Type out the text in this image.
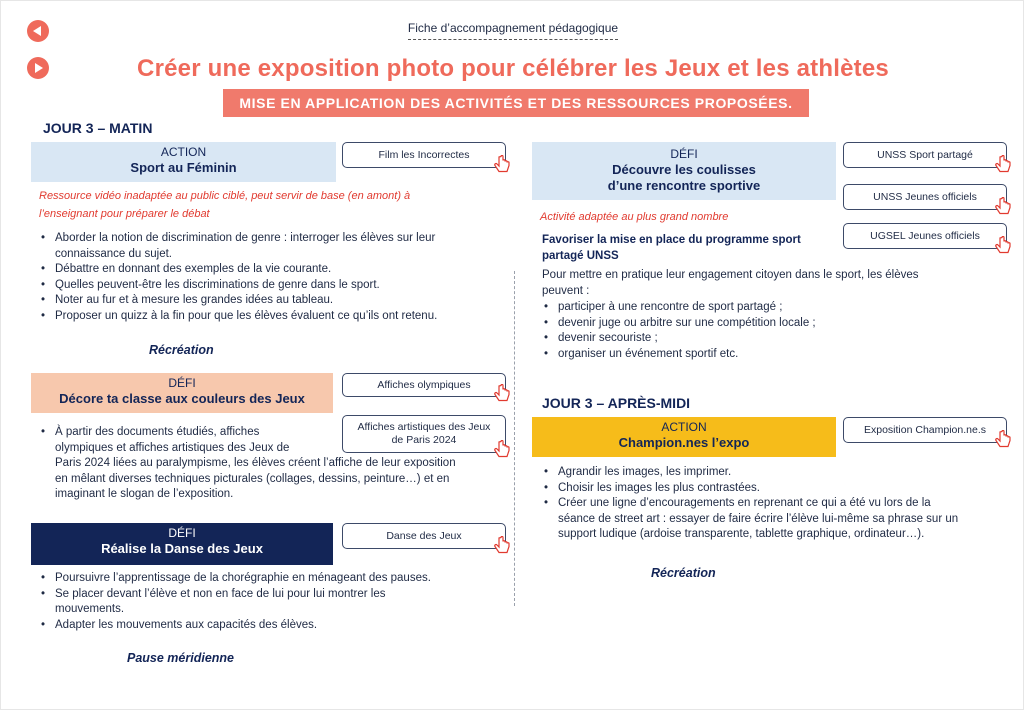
Fiche d’accompagnement pédagogique
Créer une exposition photo pour célébrer les Jeux et les athlètes
MISE EN APPLICATION DES ACTIVITÉS ET DES RESSOURCES PROPOSÉES.
JOUR 3 – MATIN
ACTION
Sport au Féminin
Film les Incorrectes
Ressource vidéo inadaptée au public ciblé, peut servir de base (en amont) à
l’enseignant pour préparer le débat
• Aborder la notion de discrimination de genre : interroger les élèves sur leur
connaissance du sujet.
• Débattre en donnant des exemples de la vie courante.
• Quelles peuvent-être les discriminations de genre dans le sport.
• Noter au fur et à mesure les grandes idées au tableau.
• Proposer un quizz à la fin pour que les élèves évaluent ce qu’ils ont retenu.
Récréation
DÉFI
Décore ta classe aux couleurs des Jeux
Affiches olympiques
Affiches artistiques des Jeux
de Paris 2024
• À partir des documents étudiés, affiches
olympiques et affiches artistiques des Jeux de
Paris 2024 liées au paralympisme, les élèves créent l’affiche de leur exposition
en mêlant diverses techniques picturales (collages, dessins, peinture…) et en
imaginant le slogan de l’exposition.
DÉFI
Réalise la Danse des Jeux
Danse des Jeux
• Poursuivre l’apprentissage de la chorégraphie en ménageant des pauses.
• Se placer devant l’élève et non en face de lui pour lui montrer les
mouvements.
• Adapter les mouvements aux capacités des élèves.
Pause méridienne
DÉFI
Découvre les coulisses
d’une rencontre sportive
UNSS Sport partagé
UNSS Jeunes officiels
UGSEL Jeunes officiels
Activité adaptée au plus grand nombre
Favoriser la mise en place du programme sport
partagé UNSS
Pour mettre en pratique leur engagement citoyen dans le sport, les élèves
peuvent :
• participer à une rencontre de sport partagé ;
• devenir juge ou arbitre sur une compétition locale ;
• devenir secouriste ;
• organiser un événement sportif etc.
JOUR 3 – APRÈS-MIDI
ACTION
Champion.nes l’expo
Exposition Champion.ne.s
• Agrandir les images, les imprimer.
• Choisir les images les plus contrastées.
• Créer une ligne d’encouragements en reprenant ce qui a été vu lors de la
séance de street art : essayer de faire écrire l’élève lui-même sa phrase sur un
support ludique (ardoise transparente, tablette graphique, ordinateur…).
Récréation
